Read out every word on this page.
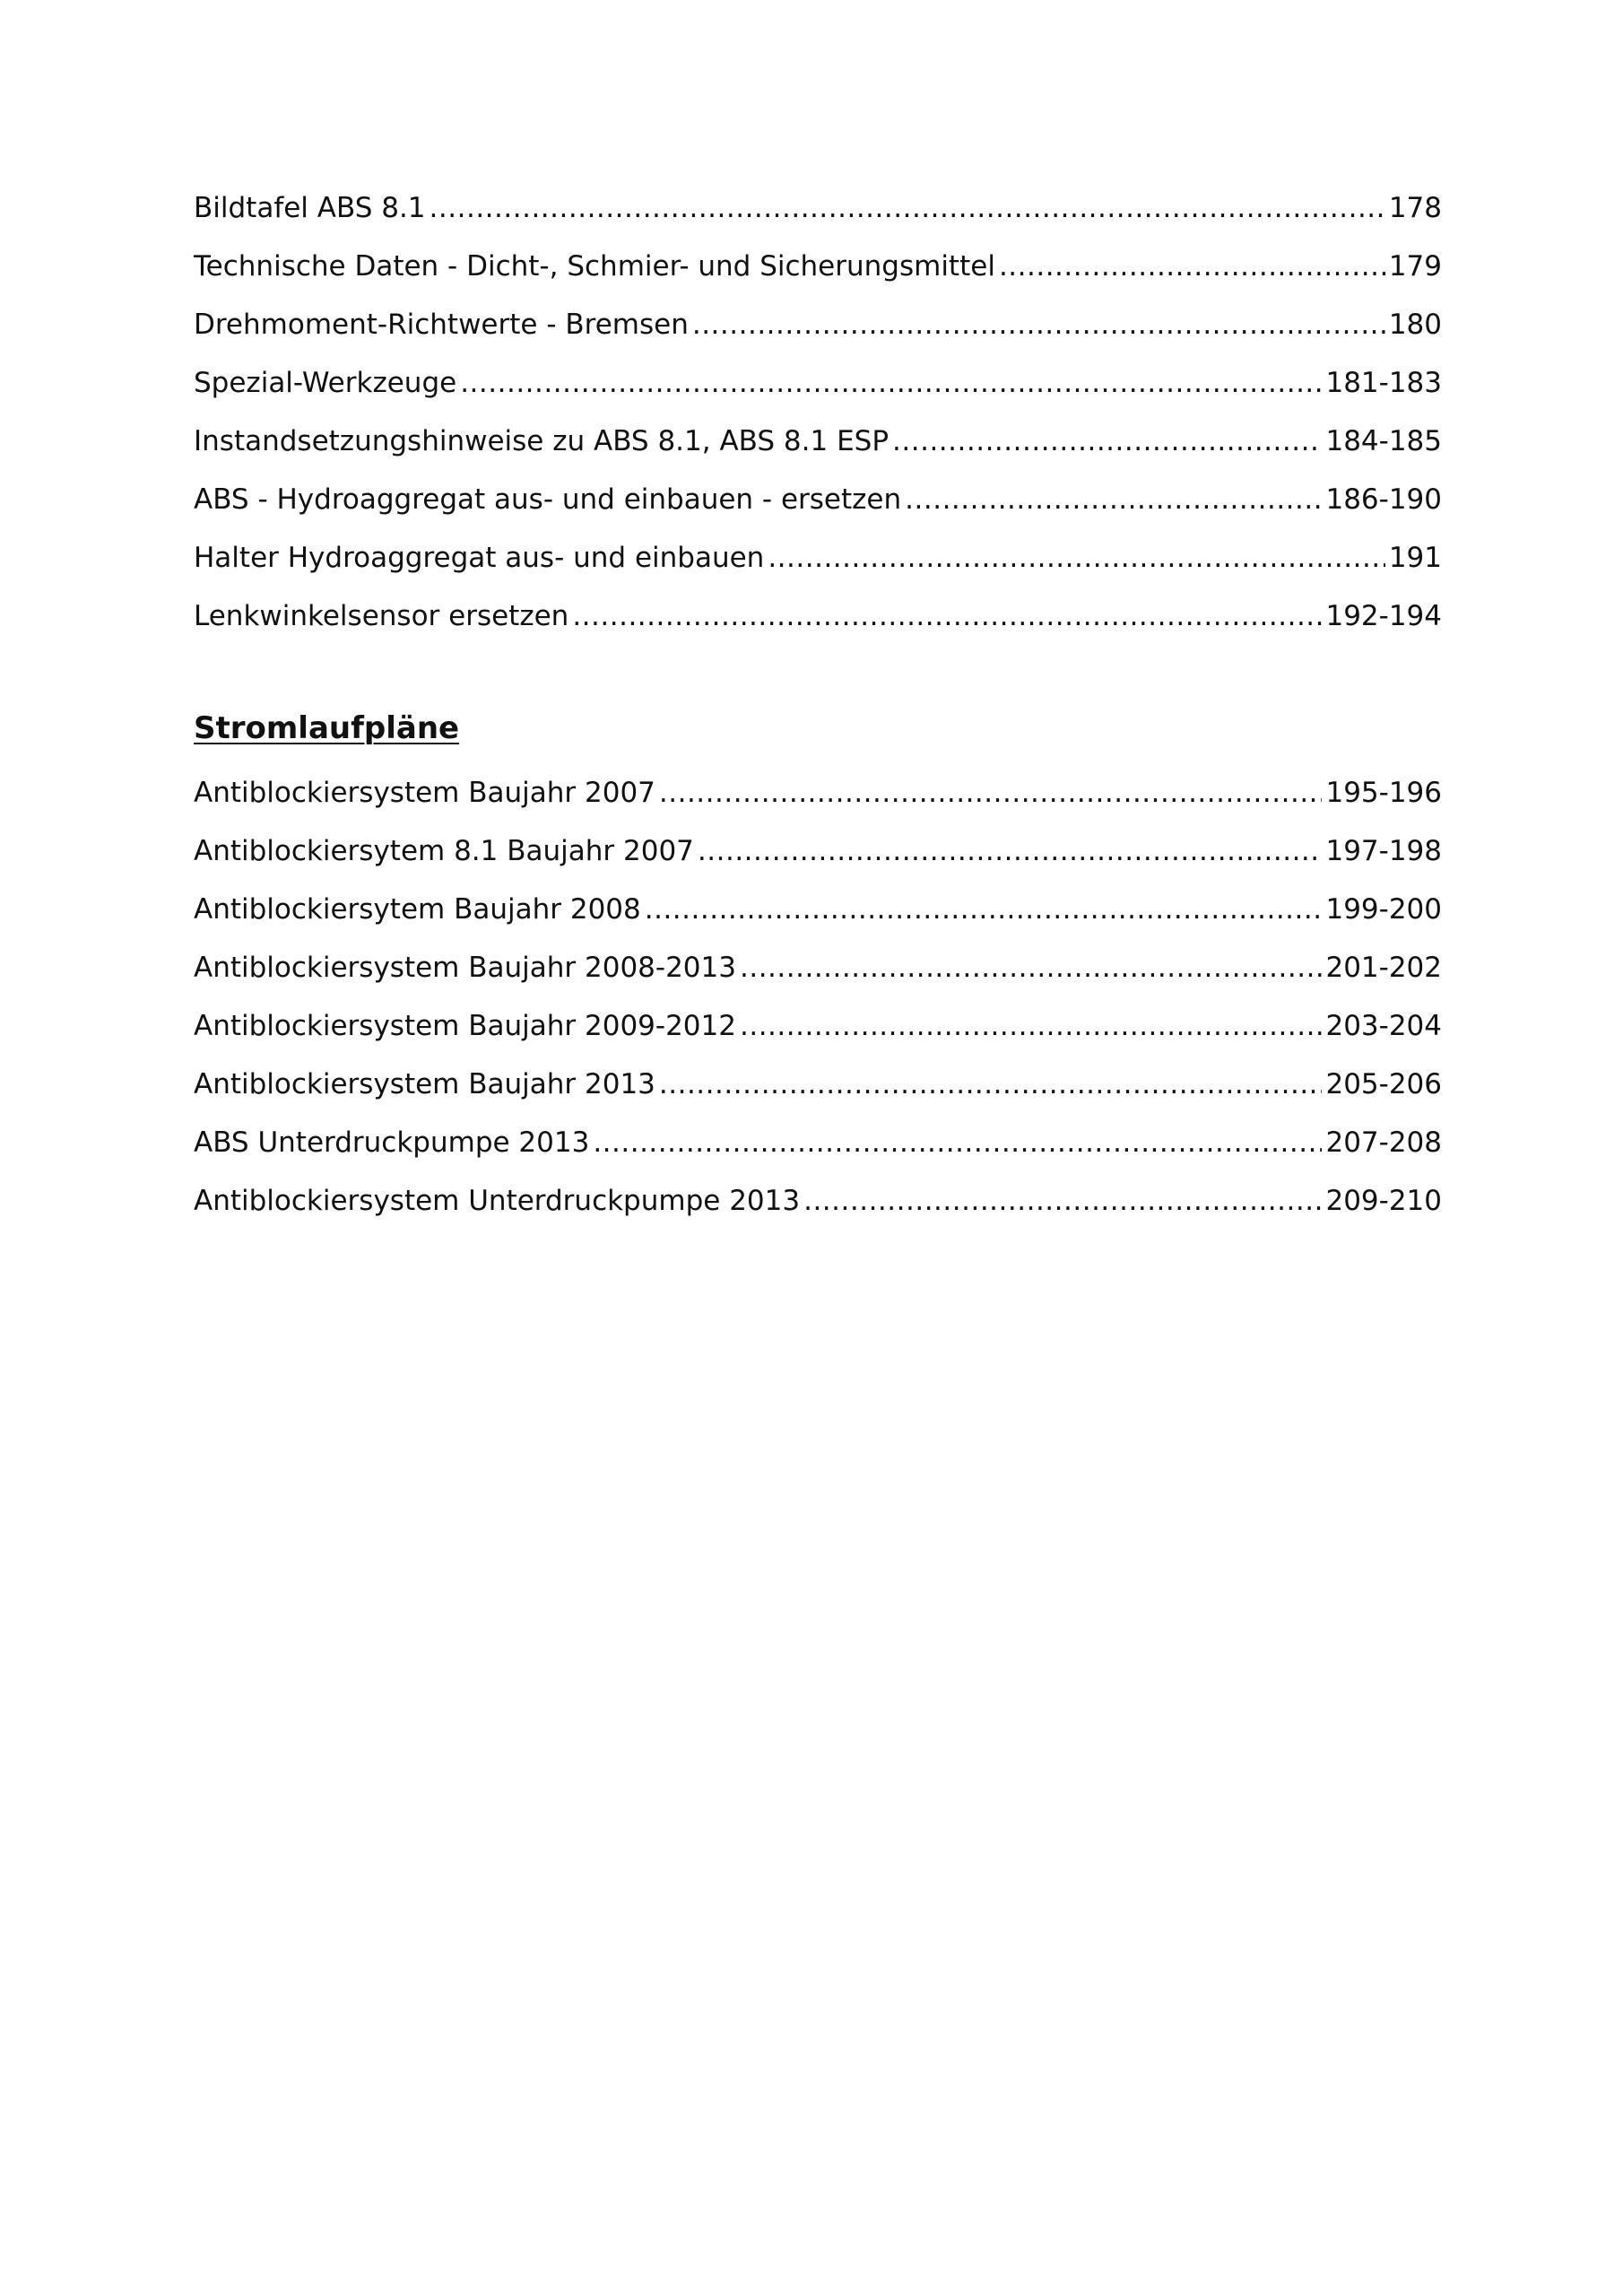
Bildtafel ABS 8.1 .....	178
Technische Daten - Dicht-, Schmier- und Sicherungsmittel .....	179
Drehmoment-Richtwerte - Bremsen .....	180
Spezial-Werkzeuge .....	181-183
Instandsetzungshinweise zu ABS 8.1, ABS 8.1 ESP .....	184-185
ABS - Hydroaggregat aus- und einbauen - ersetzen .....	186-190
Halter Hydroaggregat aus- und einbauen .....	191
Lenkwinkelsensor ersetzen .....	192-194
Stromlaufpläne
Antiblockiersystem Baujahr 2007 .....	195-196
Antiblockiersytem 8.1 Baujahr 2007 .....	197-198
Antiblockiersytem Baujahr 2008 .....	199-200
Antiblockiersystem Baujahr 2008-2013 .....	201-202
Antiblockiersystem Baujahr 2009-2012 .....	203-204
Antiblockiersystem Baujahr 2013 .....	205-206
ABS Unterdruckpumpe 2013 .....	207-208
Antiblockiersystem Unterdruckpumpe 2013 .....	209-210
